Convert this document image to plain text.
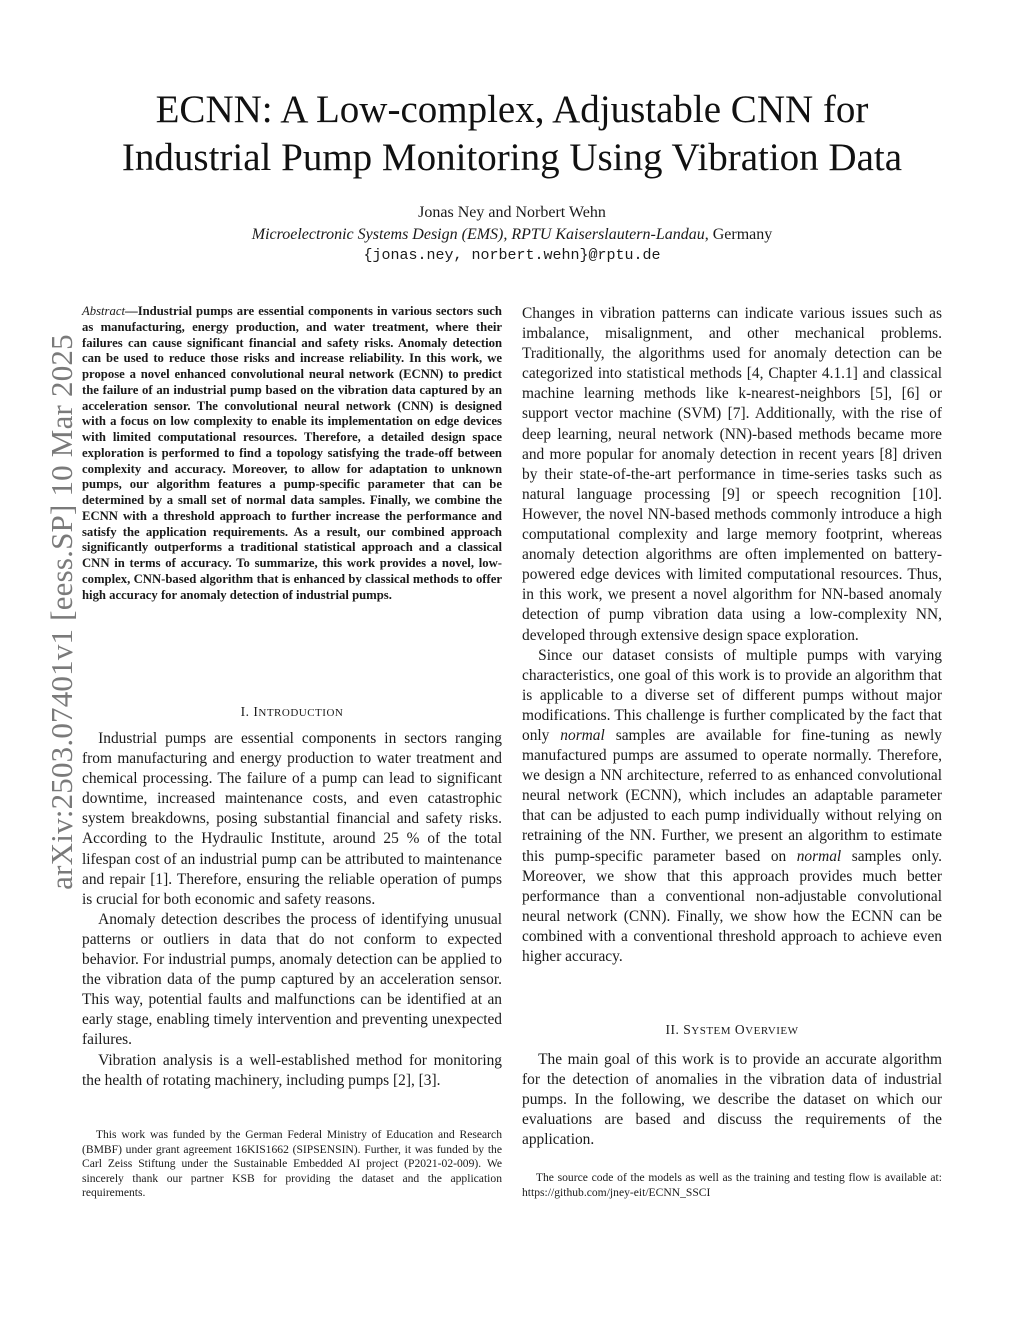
arXiv:2503.07401v1 [eess.SP] 10 Mar 2025
ECNN: A Low-complex, Adjustable CNN for
Industrial Pump Monitoring Using Vibration Data
Jonas Ney and Norbert Wehn
Microelectronic Systems Design (EMS), RPTU Kaiserslautern-Landau, Germany
{jonas.ney, norbert.wehn}@rptu.de
Abstract—Industrial pumps are essential components in various sectors such as manufacturing, energy production, and water treatment, where their failures can cause significant financial and safety risks. Anomaly detection can be used to reduce those risks and increase reliability. In this work, we propose a novel enhanced convolutional neural network (ECNN) to predict the failure of an industrial pump based on the vibration data captured by an acceleration sensor. The convolutional neural network (CNN) is designed with a focus on low complexity to enable its implementation on edge devices with limited computational resources. Therefore, a detailed design space exploration is performed to find a topology satisfying the trade-off between complexity and accuracy. Moreover, to allow for adaptation to unknown pumps, our algorithm features a pump-specific parameter that can be determined by a small set of normal data samples. Finally, we combine the ECNN with a threshold approach to further increase the performance and satisfy the application requirements. As a result, our combined approach significantly outperforms a traditional statistical approach and a classical CNN in terms of accuracy. To summarize, this work provides a novel, low-complex, CNN-based algorithm that is enhanced by classical methods to offer high accuracy for anomaly detection of industrial pumps.
I. INTRODUCTION

Industrial pumps are essential components in sectors ranging from manufacturing and energy production to water treatment and chemical processing. The failure of a pump can lead to significant downtime, increased maintenance costs, and even catastrophic system breakdowns, posing substantial financial and safety risks. According to the Hydraulic Institute, around 25 % of the total lifespan cost of an industrial pump can be attributed to maintenance and repair [1]. Therefore, ensuring the reliable operation of pumps is crucial for both economic and safety reasons.

Anomaly detection describes the process of identifying unusual patterns or outliers in data that do not conform to expected behavior. For industrial pumps, anomaly detection can be applied to the vibration data of the pump captured by an acceleration sensor. This way, potential faults and malfunctions can be identified at an early stage, enabling timely intervention and preventing unexpected failures.

Vibration analysis is a well-established method for monitoring the health of rotating machinery, including pumps [2], [3].

This work was funded by the German Federal Ministry of Education and Research (BMBF) under grant agreement 16KIS1662 (SIPSENSIN). Further, it was funded by the Carl Zeiss Stiftung under the Sustainable Embedded AI project (P2021-02-009). We sincerely thank our partner KSB for providing the dataset and the application requirements.

Changes in vibration patterns can indicate various issues such as imbalance, misalignment, and other mechanical problems. Traditionally, the algorithms used for anomaly detection can be categorized into statistical methods [4, Chapter 4.1.1] and classical machine learning methods like k-nearest-neighbors [5], [6] or support vector machine (SVM) [7]. Additionally, with the rise of deep learning, neural network (NN)-based methods became more and more popular for anomaly detection in recent years [8] driven by their state-of-the-art performance in time-series tasks such as natural language processing [9] or speech recognition [10]. However, the novel NN-based methods commonly introduce a high computational complexity and large memory footprint, whereas anomaly detection algorithms are often implemented on battery-powered edge devices with limited computational resources. Thus, in this work, we present a novel algorithm for NN-based anomaly detection of pump vibration data using a low-complexity NN, developed through extensive design space exploration.

Since our dataset consists of multiple pumps with varying characteristics, one goal of this work is to provide an algorithm that is applicable to a diverse set of different pumps without major modifications. This challenge is further complicated by the fact that only normal samples are available for fine-tuning as newly manufactured pumps are assumed to operate normally. Therefore, we design a NN architecture, referred to as enhanced convolutional neural network (ECNN), which includes an adaptable parameter that can be adjusted to each pump individually without relying on retraining of the NN. Further, we present an algorithm to estimate this pump-specific parameter based on normal samples only. Moreover, we show that this approach provides much better performance than a conventional non-adjustable convolutional neural network (CNN). Finally, we show how the ECNN can be combined with a conventional threshold approach to achieve even higher accuracy.

II. SYSTEM OVERVIEW

The main goal of this work is to provide an accurate algorithm for the detection of anomalies in the vibration data of industrial pumps. In the following, we describe the dataset on which our evaluations are based and discuss the requirements of the application.

The source code of the models as well as the training and testing flow is available at: https://github.com/jney-eit/ECNN_SSCI
